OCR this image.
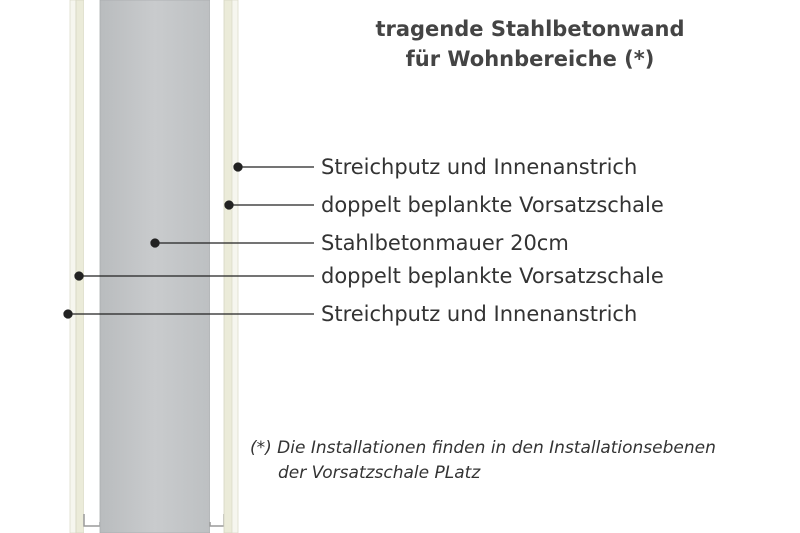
tragende Stahlbetonwand
für Wohnbereiche (*)
Streichputz und Innenanstrich
doppelt beplankte Vorsatzschale
Stahlbetonmauer 20cm
doppelt beplankte Vorsatzschale
Streichputz und Innenanstrich
(*) Die Installationen finden in den Installationsebenen
der Vorsatzschale PLatz
